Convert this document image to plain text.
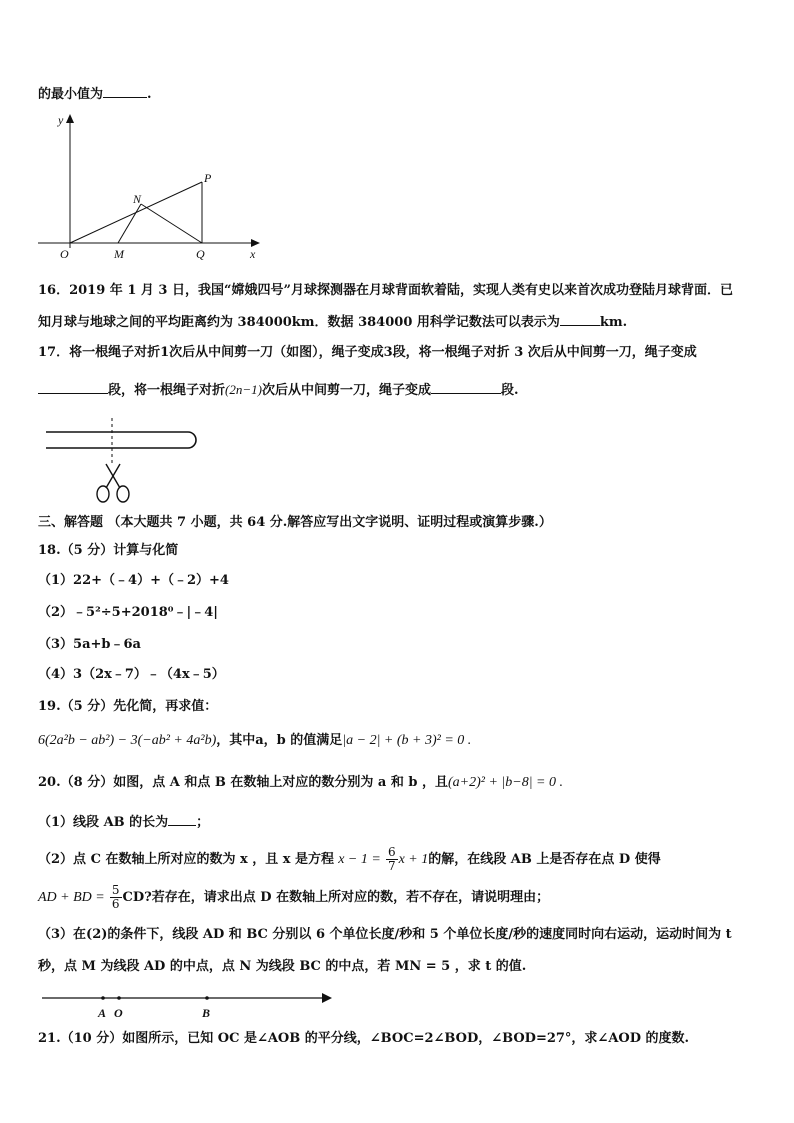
的最小值为	.
y
x
O	M	Q
N
P
16．2019 年 1 月 3 日，我国“嫦娥四号”月球探测器在月球背面软着陆，实现人类有史以来首次成功登陆月球背面．已
知月球与地球之间的平均距离约为 384000km．数据 384000 用科学记数法可以表示为	km.
17．将一根绳子对折1次后从中间剪一刀（如图），绳子变成3段，将一根绳子对折 3 次后从中间剪一刀，绳子变成
段，将一根绳子对折(2n−1)次后从中间剪一刀，绳子变成	段.
三、解答题 （本大题共 7 小题，共 64 分.解答应写出文字说明、证明过程或演算步骤.）
18.（5 分）计算与化简
（1）22+（﹣4）+（﹣2）+4
（2）﹣5²÷5+2018⁰﹣|﹣4|
（3）5a+b﹣6a
（4）3（2x﹣7）﹣（4x﹣5）
19.（5 分）先化简，再求值：
6(2a²b − ab²) − 3(−ab² + 4a²b)，其中a，b 的值满足|a − 2| + (b + 3)² = 0 .
20.（8 分）如图，点 A 和点 B 在数轴上对应的数分别为 a 和 b ，且(a+2)² + |b−8| = 0 .
（1）线段 AB 的长为 ；
（2）点 C 在数轴上所对应的数为 x ，且 x 是方程 $x - 1 = \frac{6}{7}$ x + 1的解，在线段 AB 上是否存在点 D 使得
AD + BD = $\frac{5}{6}$ CD?若存在，请求出点 D 在数轴上所对应的数，若不存在，请说明理由；
（3）在(2)的条件下，线段 AD 和 BC 分别以 6 个单位长度/秒和 5 个单位长度/秒的速度同时向右运动，运动时间为 t
秒，点 M 为线段 AD 的中点，点 N 为线段 BC 的中点，若 MN = 5 ，求 t 的值.
A O	B
21.（10 分）如图所示，已知 OC 是∠AOB 的平分线，∠BOC=2∠BOD，∠BOD=27°，求∠AOD 的度数.
